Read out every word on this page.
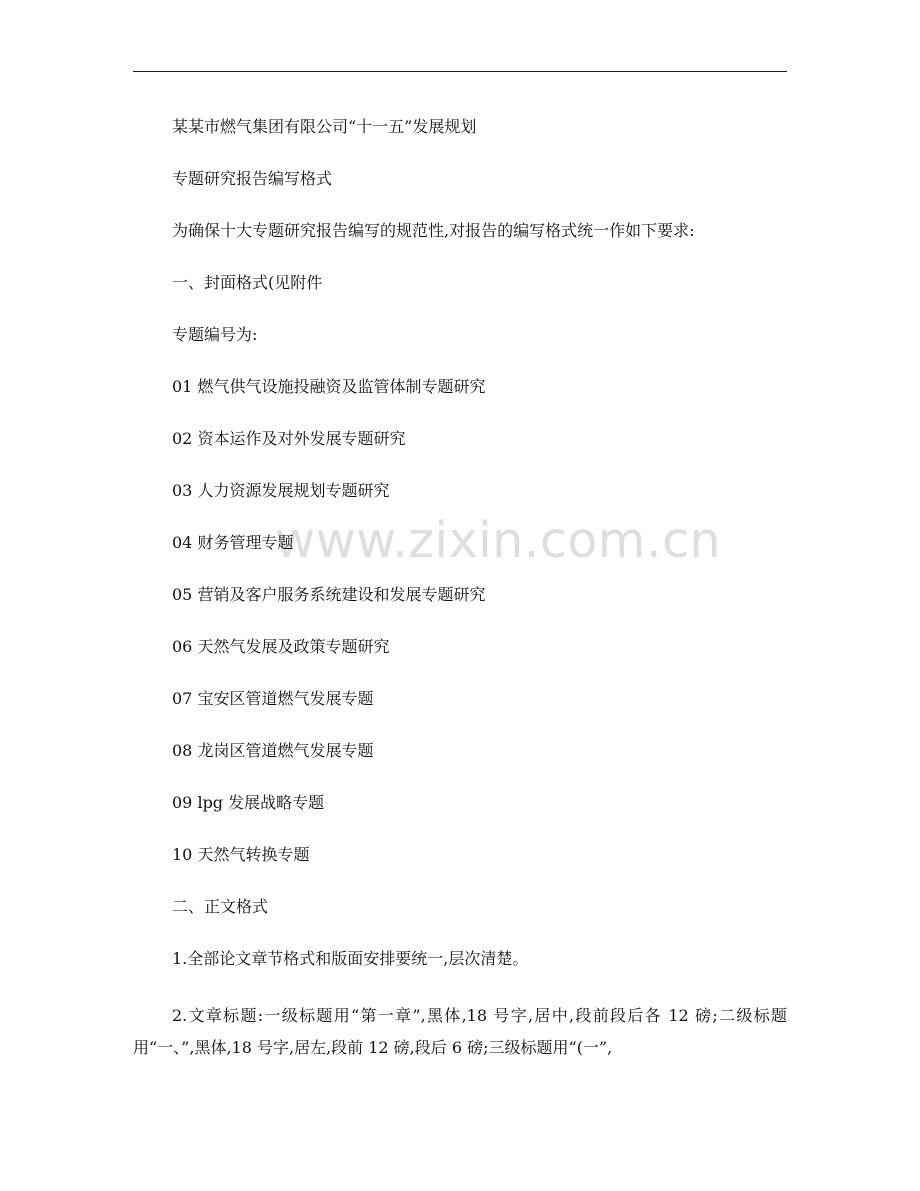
www.zixin.com.cn

某某市燃气集团有限公司“十一五”发展规划

专题研究报告编写格式

为确保十大专题研究报告编写的规范性,对报告的编写格式统一作如下要求:

一、封面格式(见附件

专题编号为:

01 燃气供气设施投融资及监管体制专题研究

02 资本运作及对外发展专题研究

03 人力资源发展规划专题研究

04 财务管理专题

05 营销及客户服务系统建设和发展专题研究

06 天然气发展及政策专题研究

07 宝安区管道燃气发展专题

08 龙岗区管道燃气发展专题

09 lpg 发展战略专题

10 天然气转换专题

二、正文格式

1.全部论文章节格式和版面安排要统一,层次清楚。

2.文章标题:一级标题用“第一章”,黑体,18 号字,居中,段前段后各 12 磅;二级标题用“一、”,黑体,18 号字,居左,段前 12 磅,段后 6 磅;三级标题用“(一”,
